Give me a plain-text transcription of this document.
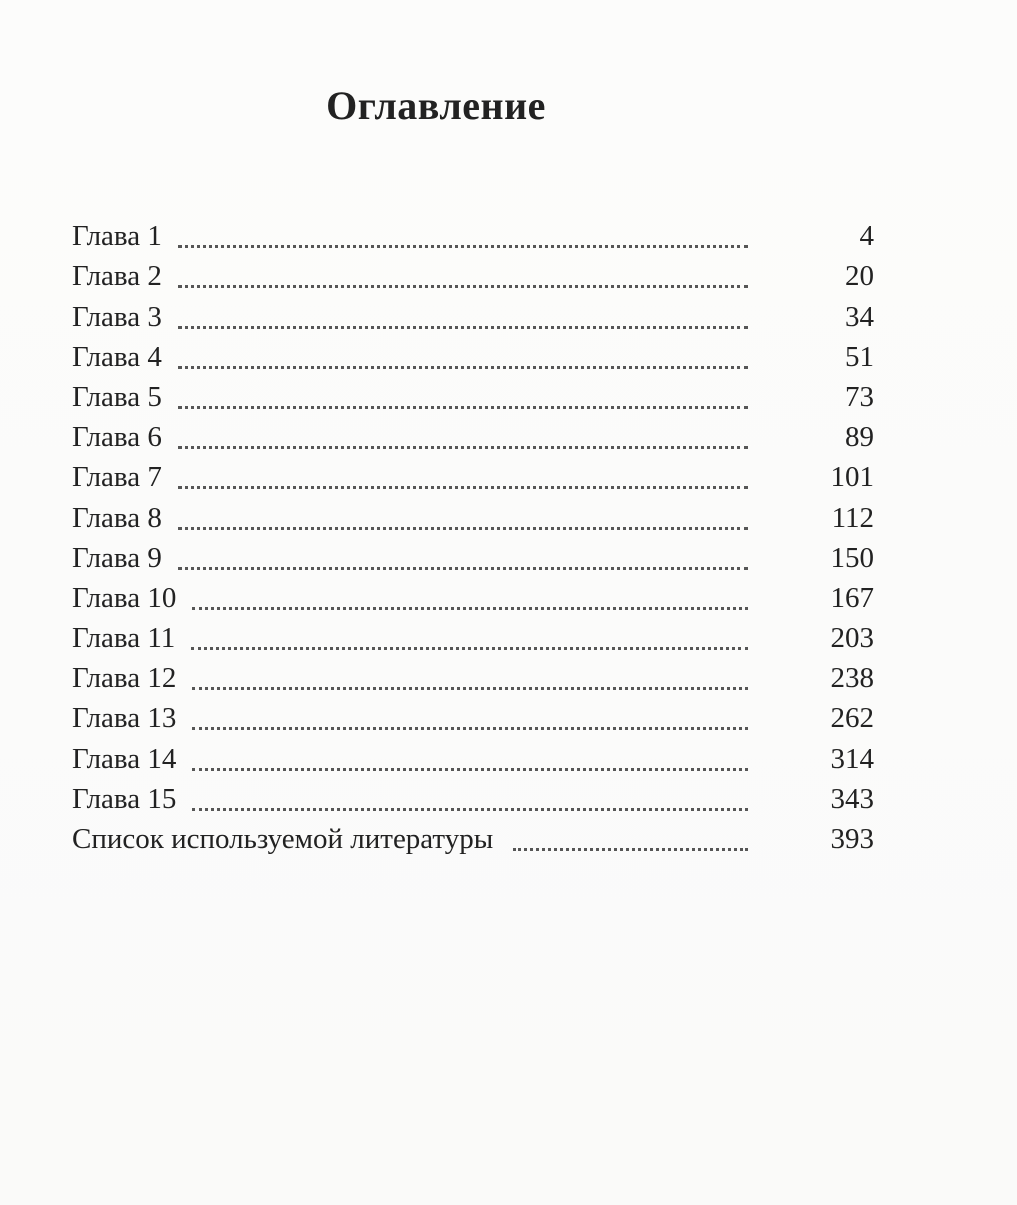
Оглавление
Глава 1	4
Глава 2	20
Глава 3	34
Глава 4	51
Глава 5	73
Глава 6	89
Глава 7	101
Глава 8	112
Глава 9	150
Глава 10	167
Глава 11	203
Глава 12	238
Глава 13	262
Глава 14	314
Глава 15	343
Список используемой литературы	393
